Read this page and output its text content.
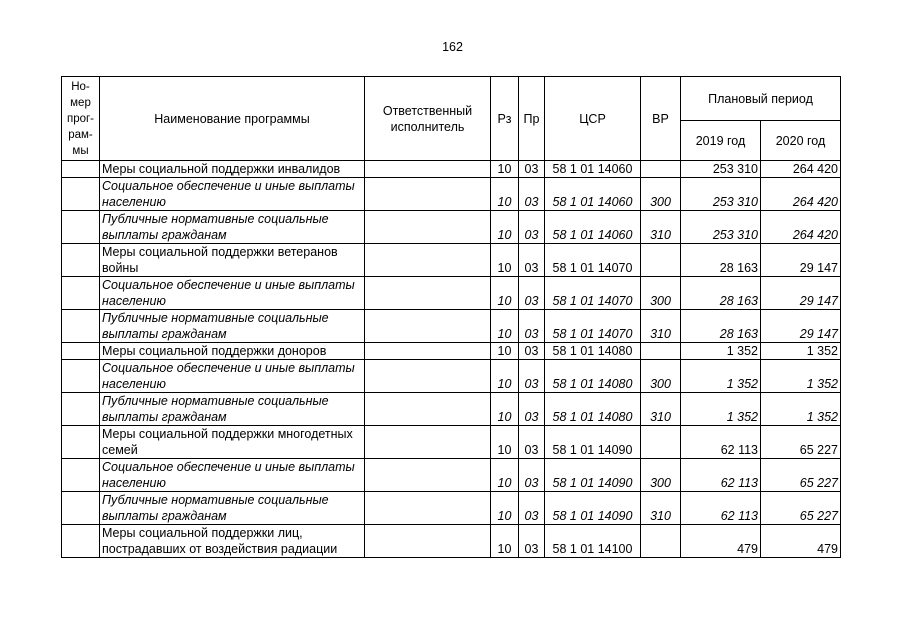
162
Но-мер прог-рам-мы	Наименование программы	Ответственный исполнитель	Рз	Пр	ЦСР	ВР	Плановый период	
							2019 год	2020 год
	Меры социальной поддержки инвалидов		10	03	58 1 01 14060		253 310	264 420
	Социальное обеспечение и иные выплаты населению		10	03	58 1 01 14060	300	253 310	264 420
	Публичные нормативные социальные выплаты гражданам		10	03	58 1 01 14060	310	253 310	264 420
	Меры социальной поддержки ветеранов войны		10	03	58 1 01 14070		28 163	29 147
	Социальное обеспечение и иные выплаты населению		10	03	58 1 01 14070	300	28 163	29 147
	Публичные нормативные социальные выплаты гражданам		10	03	58 1 01 14070	310	28 163	29 147
	Меры социальной поддержки доноров		10	03	58 1 01 14080		1 352	1 352
	Социальное обеспечение и иные выплаты населению		10	03	58 1 01 14080	300	1 352	1 352
	Публичные нормативные социальные выплаты гражданам		10	03	58 1 01 14080	310	1 352	1 352
	Меры социальной поддержки многодетных семей		10	03	58 1 01 14090		62 113	65 227
	Социальное обеспечение и иные выплаты населению		10	03	58 1 01 14090	300	62 113	65 227
	Публичные нормативные социальные выплаты гражданам		10	03	58 1 01 14090	310	62 113	65 227
	Меры социальной поддержки лиц, пострадавших от воздействия радиации		10	03	58 1 01 14100		479	479
